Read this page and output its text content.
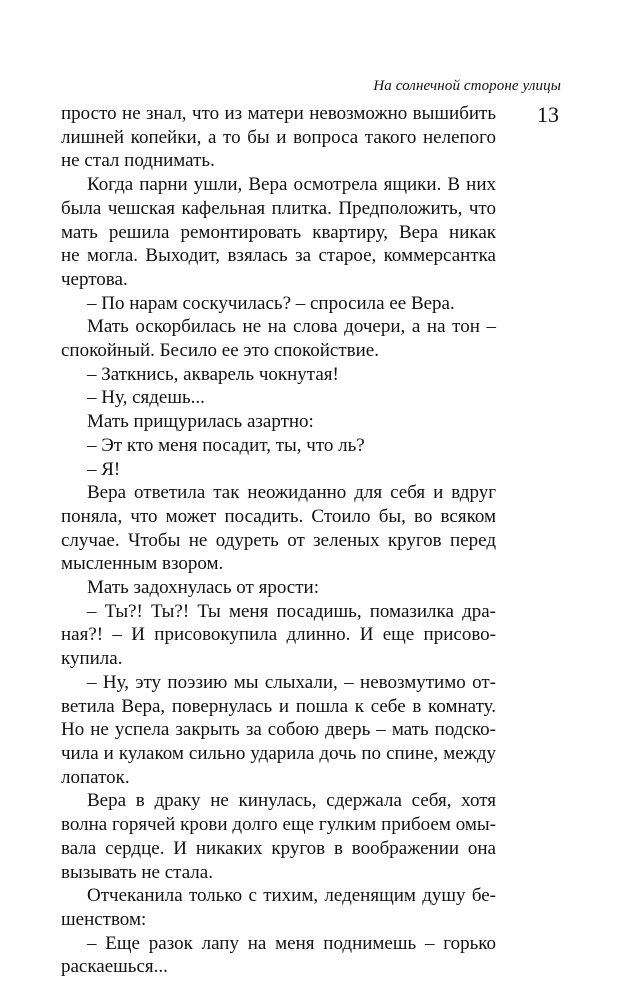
На солнечной стороне улицы
13
просто не знал, что из матери невозможно вышибить
лишней копейки, а то бы и вопроса такого нелепого
не стал поднимать.
Когда парни ушли, Вера осмотрела ящики. В них
была чешская кафельная плитка. Предположить, что
мать решила ремонтировать квартиру, Вера никак
не могла. Выходит, взялась за старое, коммерсантка
чертова.
– По нарам соскучилась? – спросила ее Вера.
Мать оскорбилась не на слова дочери, а на тон –
спокойный. Бесило ее это спокойствие.
– Заткнись, акварель чокнутая!
– Ну, сядешь...
Мать прищурилась азартно:
– Эт кто меня посадит, ты, что ль?
– Я!
Вера ответила так неожиданно для себя и вдруг
поняла, что может посадить. Стоило бы, во всяком
случае. Чтобы не одуреть от зеленых кругов перед
мысленным взором.
Мать задохнулась от ярости:
– Ты?! Ты?! Ты меня посадишь, помазилка дра-
ная?! – И присовокупила длинно. И еще присово-
купила.
– Ну, эту поэзию мы слыхали, – невозмутимо от-
ветила Вера, повернулась и пошла к себе в комнату.
Но не успела закрыть за собою дверь – мать подско-
чила и кулаком сильно ударила дочь по спине, между
лопаток.
Вера в драку не кинулась, сдержала себя, хотя
волна горячей крови долго еще гулким прибоем омы-
вала сердце. И никаких кругов в воображении она
вызывать не стала.
Отчеканила только с тихим, леденящим душу бе-
шенством:
– Еще разок лапу на меня поднимешь – горько
раскаешься...
